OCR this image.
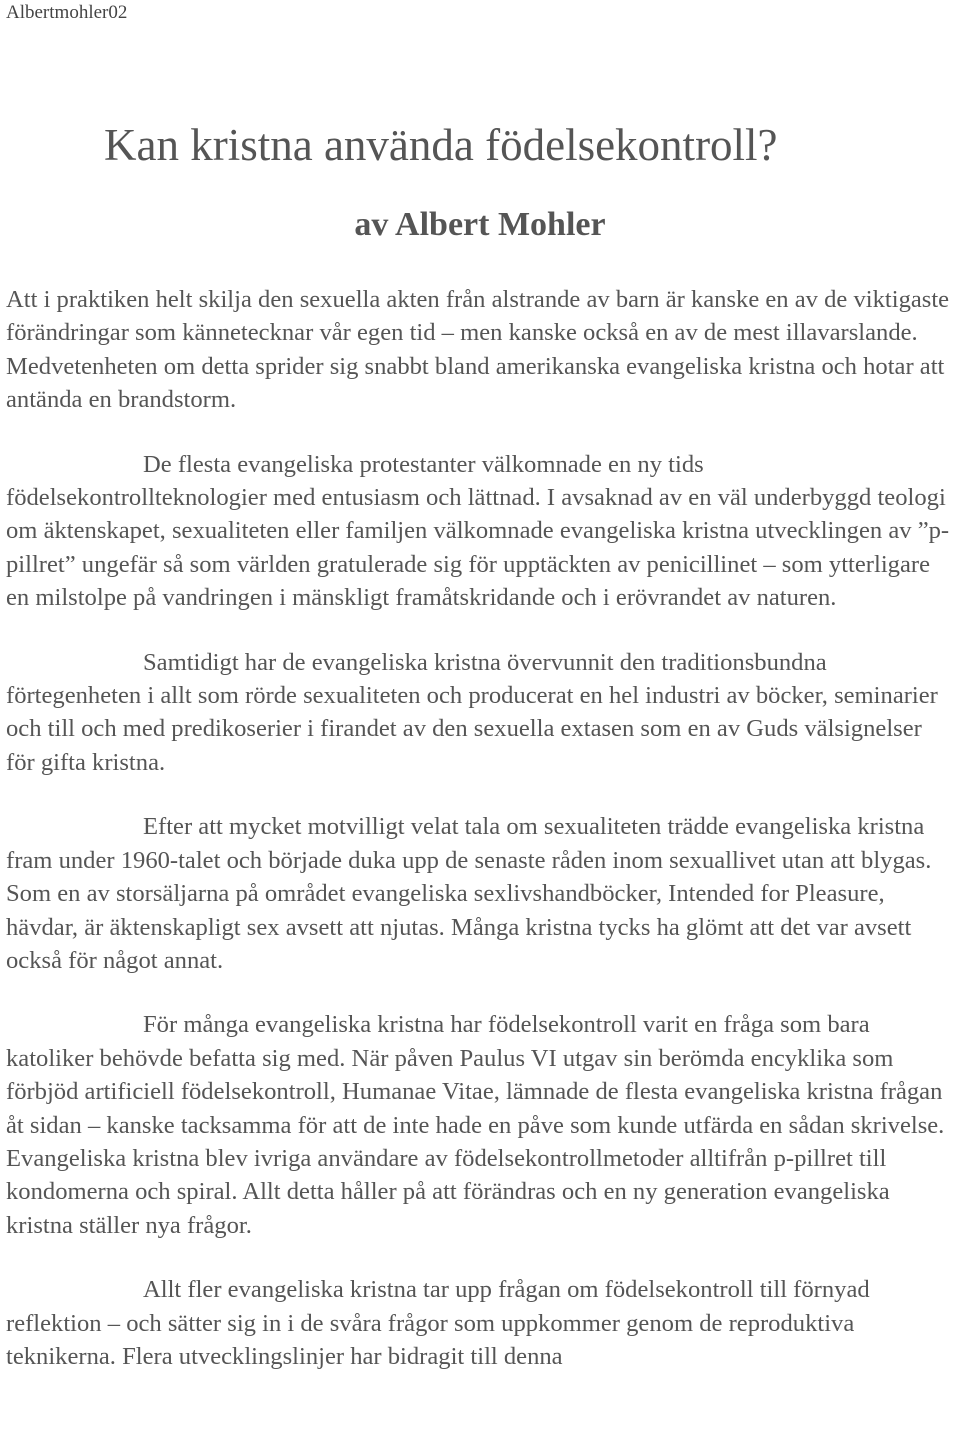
Albertmohler02
Kan kristna använda födelsekontroll?
av Albert Mohler

Att i praktiken helt skilja den sexuella akten från alstrande av barn är kanske en av de viktigaste förändringar som kännetecknar vår egen tid – men kanske också en av de mest illavarslande. Medvetenheten om detta sprider sig snabbt bland amerikanska evangeliska kristna och hotar att antända en brandstorm.

De flesta evangeliska protestanter välkomnade en ny tids födelsekontrollteknologier med entusiasm och lättnad. I avsaknad av en väl underbyggd teologi om äktenskapet, sexualiteten eller familjen välkomnade evangeliska kristna utvecklingen av ”p-pillret” ungefär så som världen gratulerade sig för upptäckten av penicillinet – som ytterligare en milstolpe på vandringen i mänskligt framåtskridande och i erövrandet av naturen.

Samtidigt har de evangeliska kristna övervunnit den traditionsbundna förtegenheten i allt som rörde sexualiteten och producerat en hel industri av böcker, seminarier och till och med predikoserier i firandet av den sexuella extasen som en av Guds välsignelser för gifta kristna.

Efter att mycket motvilligt velat tala om sexualiteten trädde evangeliska kristna fram under 1960-talet och började duka upp de senaste råden inom sexuallivet utan att blygas. Som en av storsäljarna på området evangeliska sexlivshandböcker, Intended for Pleasure, hävdar, är äktenskapligt sex avsett att njutas. Många kristna tycks ha glömt att det var avsett också för något annat.

För många evangeliska kristna har födelsekontroll varit en fråga som bara katoliker behövde befatta sig med. När påven Paulus VI utgav sin berömda encyklika som förbjöd artificiell födelsekontroll, Humanae Vitae, lämnade de flesta evangeliska kristna frågan åt sidan – kanske tacksamma för att de inte hade en påve som kunde utfärda en sådan skrivelse. Evangeliska kristna blev ivriga användare av födelsekontrollmetoder alltifrån p-pillret till kondomerna och spiral. Allt detta håller på att förändras och en ny generation evangeliska kristna ställer nya frågor.

Allt fler evangeliska kristna tar upp frågan om födelsekontroll till förnyad reflektion – och sätter sig in i de svåra frågor som uppkommer genom de reproduktiva teknikerna. Flera utvecklingslinjer har bidragit till denna
